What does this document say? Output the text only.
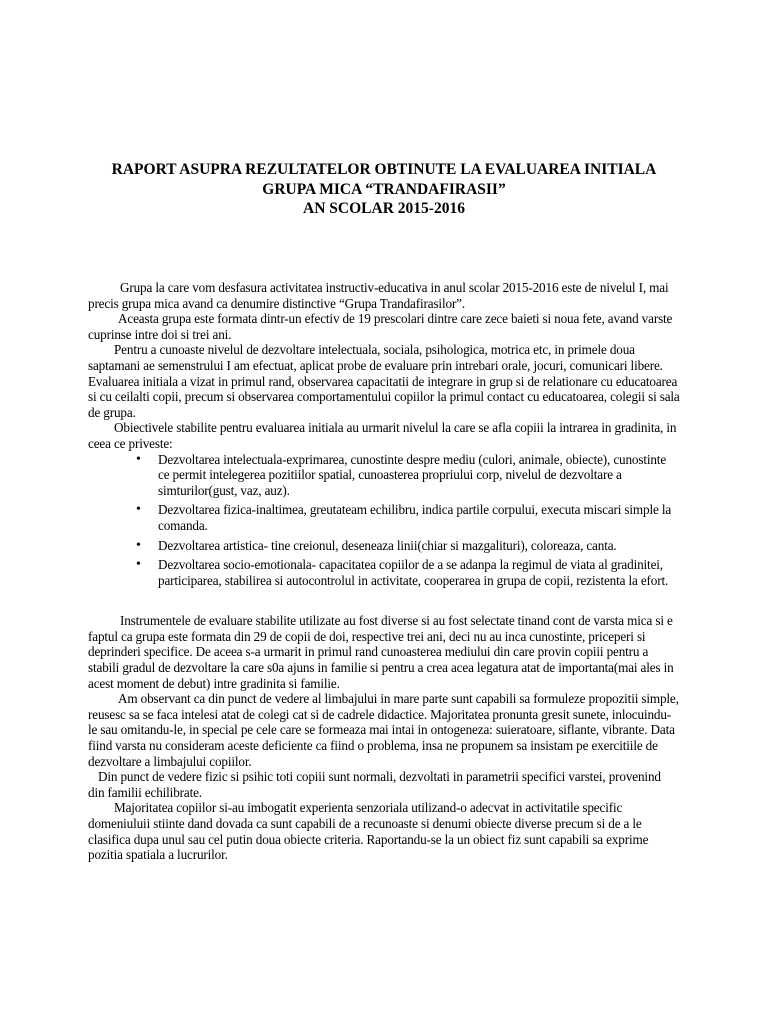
RAPORT ASUPRA REZULTATELOR OBTINUTE LA EVALUAREA INITIALA
GRUPA MICA “TRANDAFIRASII”
AN SCOLAR 2015-2016

Grupa la care vom desfasura activitatea instructiv-educativa in anul scolar 2015-2016 este de nivelul I, mai precis grupa mica avand ca denumire distinctive “Grupa Trandafirasilor”.

Aceasta grupa este formata dintr-un efectiv de 19 prescolari dintre care zece baieti si noua fete, avand varste cuprinse intre doi si trei ani.

Pentru a cunoaste nivelul de dezvoltare intelectuala, sociala, psihologica, motrica etc, in primele doua saptamani ae semenstrului I am efectuat, aplicat probe de evaluare prin intrebari orale, jocuri, comunicari libere. Evaluarea initiala a vizat in primul rand, observarea capacitatii de integrare in grup si de relationare cu educatoarea si cu ceilalti copii, precum si observarea comportamentului copiilor la primul contact cu educatoarea, colegii si sala de grupa.

Obiectivele stabilite pentru evaluarea initiala au urmarit nivelul la care se afla copiii la intrarea in gradinita, in ceea ce priveste:

• Dezvoltarea intelectuala-exprimarea, cunostinte despre mediu (culori, animale, obiecte), cunostinte ce permit intelegerea pozitiilor spatial, cunoasterea propriului corp, nivelul de dezvoltare a simturilor(gust, vaz, auz).
• Dezvoltarea fizica-inaltimea, greutateam echilibru, indica partile corpului, executa miscari simple la comanda.
• Dezvoltarea artistica- tine creionul, deseneaza linii(chiar si mazgalituri), coloreaza, canta.
• Dezvoltarea socio-emotionala- capacitatea copiilor de a se adanpa la regimul de viata al gradinitei, participarea, stabilirea si autocontrolul in activitate, cooperarea in grupa de copii, rezistenta la efort.

Instrumentele de evaluare stabilite utilizate au fost diverse si au fost selectate tinand cont de varsta mica si e faptul ca grupa este formata din 29 de copii de doi, respective trei ani, deci nu au inca cunostinte, priceperi si deprinderi specifice. De aceea s-a urmarit in primul rand cunoasterea mediului din care provin copiii pentru a stabili gradul de dezvoltare la care s0a ajuns in familie si pentru a crea acea legatura atat de importanta(mai ales in acest moment de debut) intre gradinita si familie.

Am observant ca din punct de vedere al limbajului in mare parte sunt capabili sa formuleze propozitii simple, reusesc sa se faca intelesi atat de colegi cat si de cadrele didactice. Majoritatea pronunta gresit sunete, inlocuindu-le sau omitandu-le, in special pe cele care se formeaza mai intai in ontogeneza: suieratoare, siflante, vibrante. Data fiind varsta nu consideram aceste deficiente ca fiind o problema, insa ne propunem sa insistam pe exercitiile de dezvoltare a limbajului copiilor.

Din punct de vedere fizic si psihic toti copiii sunt normali, dezvoltati in parametrii specifici varstei, provenind din familii echilibrate.

Majoritatea copiilor si-au imbogatit experienta senzoriala utilizand-o adecvat in activitatile specific domeniuluii stiinte dand dovada ca sunt capabili de a recunoaste si denumi obiecte diverse precum si de a le clasifica dupa unul sau cel putin doua obiecte criteria. Raportandu-se la un obiect fiz sunt capabili sa exprime pozitia spatiala a lucrurilor.
